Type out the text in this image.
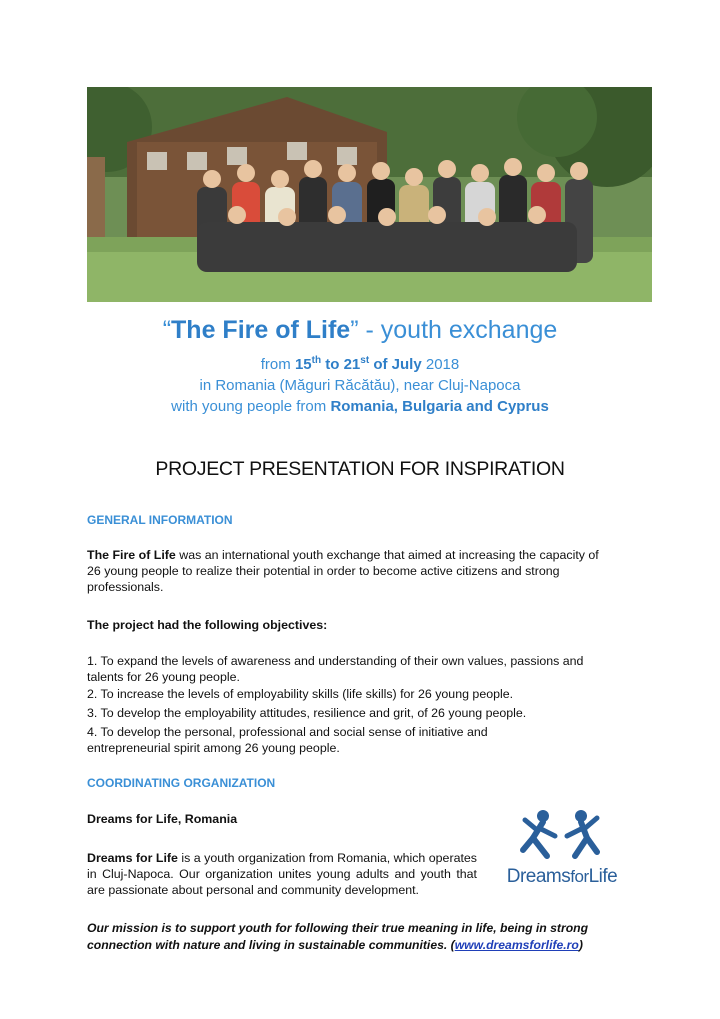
“The Fire of Life” - youth exchange
from 15th to 21st of July 2018
in Romania (Măguri Răcătău), near Cluj-Napoca
with young people from Romania, Bulgaria and Cyprus
PROJECT PRESENTATION FOR INSPIRATION
GENERAL INFORMATION
The Fire of Life was an international youth exchange that aimed at increasing the capacity of 26 young people to realize their potential in order to become active citizens and strong professionals.
The project had the following objectives:
1. To expand the levels of awareness and understanding of their own values, passions and talents for 26 young people.
2. To increase the levels of employability skills (life skills) for 26 young people.
3. To develop the employability attitudes, resilience and grit, of 26 young people.
4. To develop the personal, professional and social sense of initiative and entrepreneurial spirit among 26 young people.
COORDINATING ORGANIZATION
Dreams for Life, Romania
Dreams for Life is a youth organization from Romania, which operates in Cluj-Napoca. Our organization unites young adults and youth that are passionate about personal and community development.
DreamsforLife
Our mission is to support youth for following their true meaning in life, being in strong connection with nature and living in sustainable communities. (www.dreamsforlife.ro)
